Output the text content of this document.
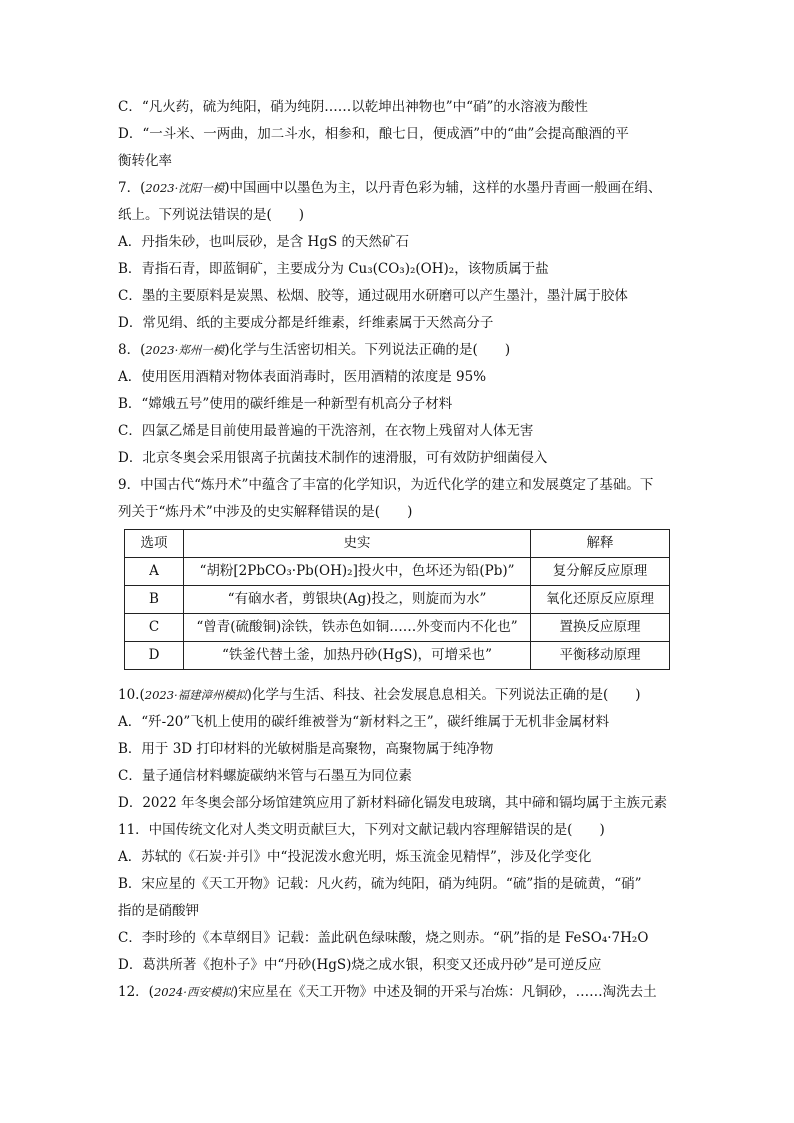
C．“凡火药，硫为纯阳，硝为纯阴……以乾坤出神物也”中“硝”的水溶液为酸性
D．“一斗米、一两曲，加二斗水，相参和，酿七日，便成酒”中的“曲”会提高酿酒的平
衡转化率
7．(2023·沈阳一模)中国画中以墨色为主，以丹青色彩为辅，这样的水墨丹青画一般画在绢、
纸上。下列说法错误的是(　　)
A．丹指朱砂，也叫辰砂，是含 HgS 的天然矿石
B．青指石青，即蓝铜矿，主要成分为 Cu₃(CO₃)₂(OH)₂，该物质属于盐
C．墨的主要原料是炭黑、松烟、胶等，通过砚用水研磨可以产生墨汁，墨汁属于胶体
D．常见绢、纸的主要成分都是纤维素，纤维素属于天然高分子
8．(2023·郑州一模)化学与生活密切相关。下列说法正确的是(　　)
A．使用医用酒精对物体表面消毒时，医用酒精的浓度是 95%
B．“嫦娥五号”使用的碳纤维是一种新型有机高分子材料
C．四氯乙烯是目前使用最普遍的干洗溶剂，在衣物上残留对人体无害
D．北京冬奥会采用银离子抗菌技术制作的速滑服，可有效防护细菌侵入
9．中国古代“炼丹术”中蕴含了丰富的化学知识，为近代化学的建立和发展奠定了基础。下
列关于“炼丹术”中涉及的史实解释错误的是(　　)
选项	史实	解释
A	“胡粉[2PbCO₃·Pb(OH)₂]投火中，色坏还为铅(Pb)”	复分解反应原理
B	“有硇水者，剪银块(Ag)投之，则旋而为水”	氧化还原反应原理
C	“曾青(硫酸铜)涂铁，铁赤色如铜……外变而内不化也”	置换反应原理
D	“铁釜代替土釜，加热丹砂(HgS)，可增采也”	平衡移动原理
10.(2023·福建漳州模拟)化学与生活、科技、社会发展息息相关。下列说法正确的是(　　)
A．“歼-20”飞机上使用的碳纤维被誉为“新材料之王”，碳纤维属于无机非金属材料
B．用于 3D 打印材料的光敏树脂是高聚物，高聚物属于纯净物
C．量子通信材料螺旋碳纳米管与石墨互为同位素
D．2022 年冬奥会部分场馆建筑应用了新材料碲化镉发电玻璃，其中碲和镉均属于主族元素
11．中国传统文化对人类文明贡献巨大，下列对文献记载内容理解错误的是(　　)
A．苏轼的《石炭·并引》中“投泥泼水愈光明，烁玉流金见精悍”，涉及化学变化
B．宋应星的《天工开物》记载：凡火药，硫为纯阳，硝为纯阴。“硫”指的是硫黄，“硝”
指的是硝酸钾
C．李时珍的《本草纲目》记载：盖此矾色绿味酸，烧之则赤。“矾”指的是 FeSO₄·7H₂O
D．葛洪所著《抱朴子》中“丹砂(HgS)烧之成水银，积变又还成丹砂”是可逆反应
12．(2024·西安模拟)宋应星在《天工开物》中述及铜的开采与冶炼：凡铜砂，……淘洗去土
